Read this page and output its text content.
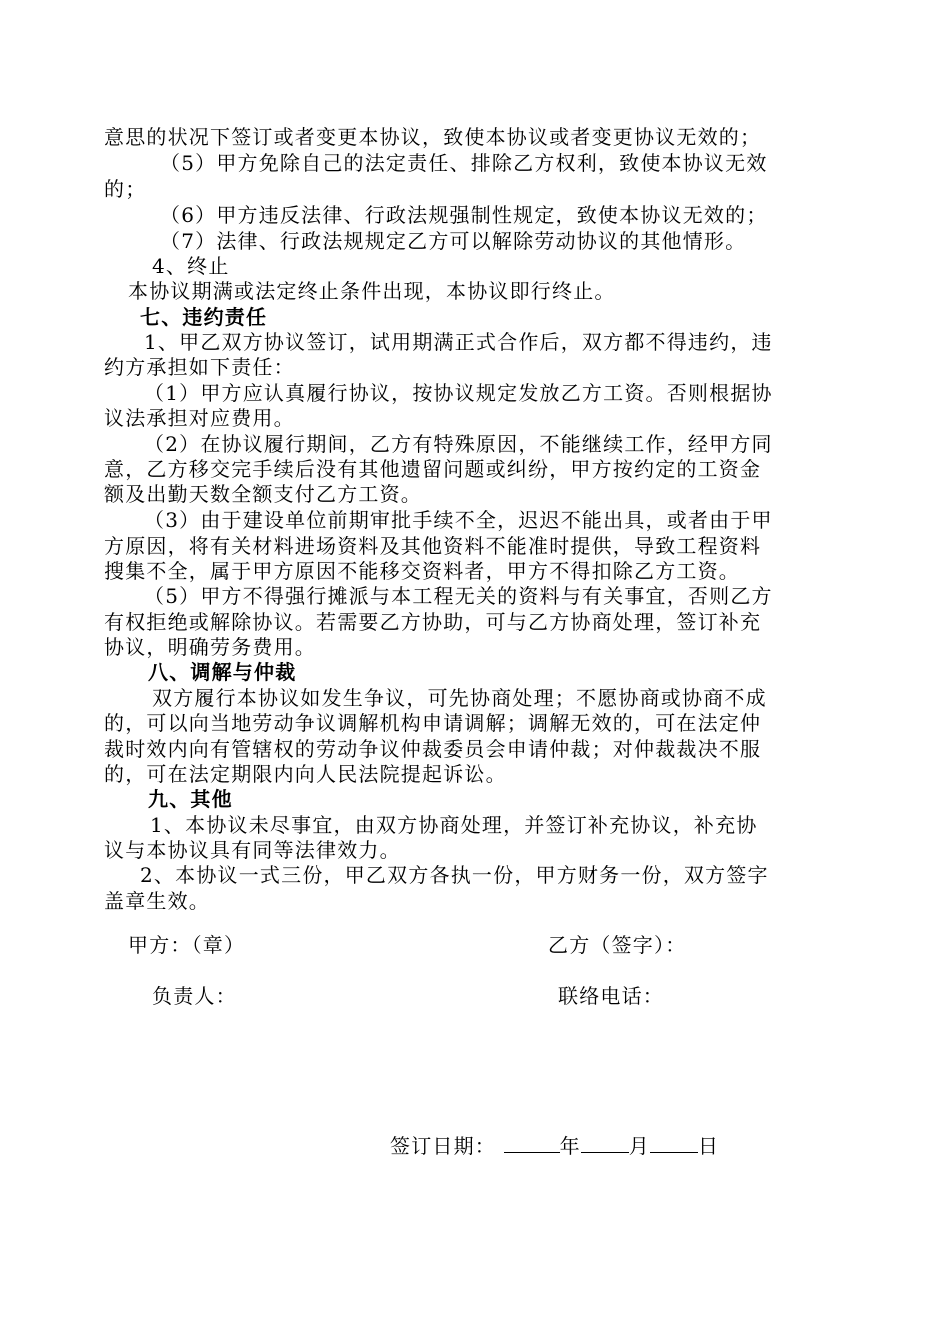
意思的状况下签订或者变更本协议，致使本协议或者变更协议无效的；
（5）甲方免除自己的法定责任、排除乙方权利，致使本协议无效
的；
（6）甲方违反法律、行政法规强制性规定，致使本协议无效的；
（7）法律、行政法规规定乙方可以解除劳动协议的其他情形。
4、终止
本协议期满或法定终止条件出现，本协议即行终止。
七、违约责任
1、甲乙双方协议签订，试用期满正式合作后，双方都不得违约，违
约方承担如下责任：
（1）甲方应认真履行协议，按协议规定发放乙方工资。否则根据协
议法承担对应费用。
（2）在协议履行期间，乙方有特殊原因，不能继续工作，经甲方同
意，乙方移交完手续后没有其他遗留问题或纠纷，甲方按约定的工资金
额及出勤天数全额支付乙方工资。
（3）由于建设单位前期审批手续不全，迟迟不能出具，或者由于甲
方原因，将有关材料进场资料及其他资料不能准时提供，导致工程资料
搜集不全，属于甲方原因不能移交资料者，甲方不得扣除乙方工资。
（5）甲方不得强行摊派与本工程无关的资料与有关事宜，否则乙方
有权拒绝或解除协议。若需要乙方协助，可与乙方协商处理，签订补充
协议，明确劳务费用。
八、调解与仲裁
双方履行本协议如发生争议，可先协商处理；不愿协商或协商不成
的，可以向当地劳动争议调解机构申请调解；调解无效的，可在法定仲
裁时效内向有管辖权的劳动争议仲裁委员会申请仲裁；对仲裁裁决不服
的，可在法定期限内向人民法院提起诉讼。
九、其他
1、本协议未尽事宜，由双方协商处理，并签订补充协议，补充协
议与本协议具有同等法律效力。
2、本协议一式三份，甲乙双方各执一份，甲方财务一份，双方签字
盖章生效。
甲方：（章）	乙方（签字）：
负责人：	联络电话：
签订日期：	年 月 日
